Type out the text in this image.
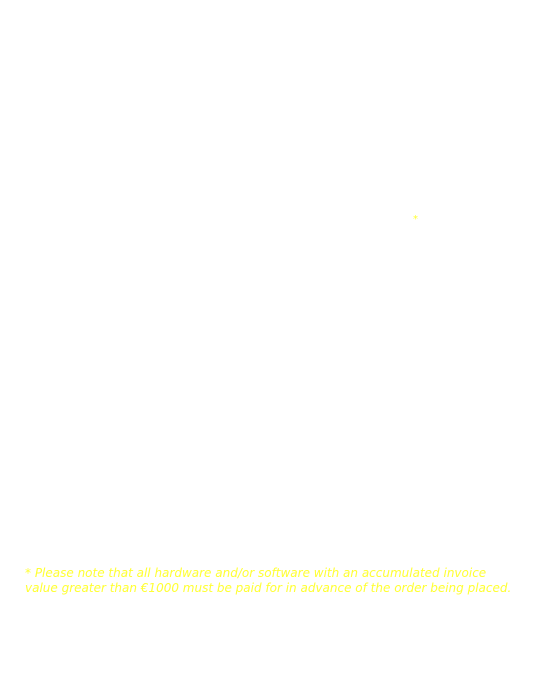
*

* Please note that all hardware and/or software with an accumulated invoice value greater than €1000 must be paid for in advance of the order being placed.
